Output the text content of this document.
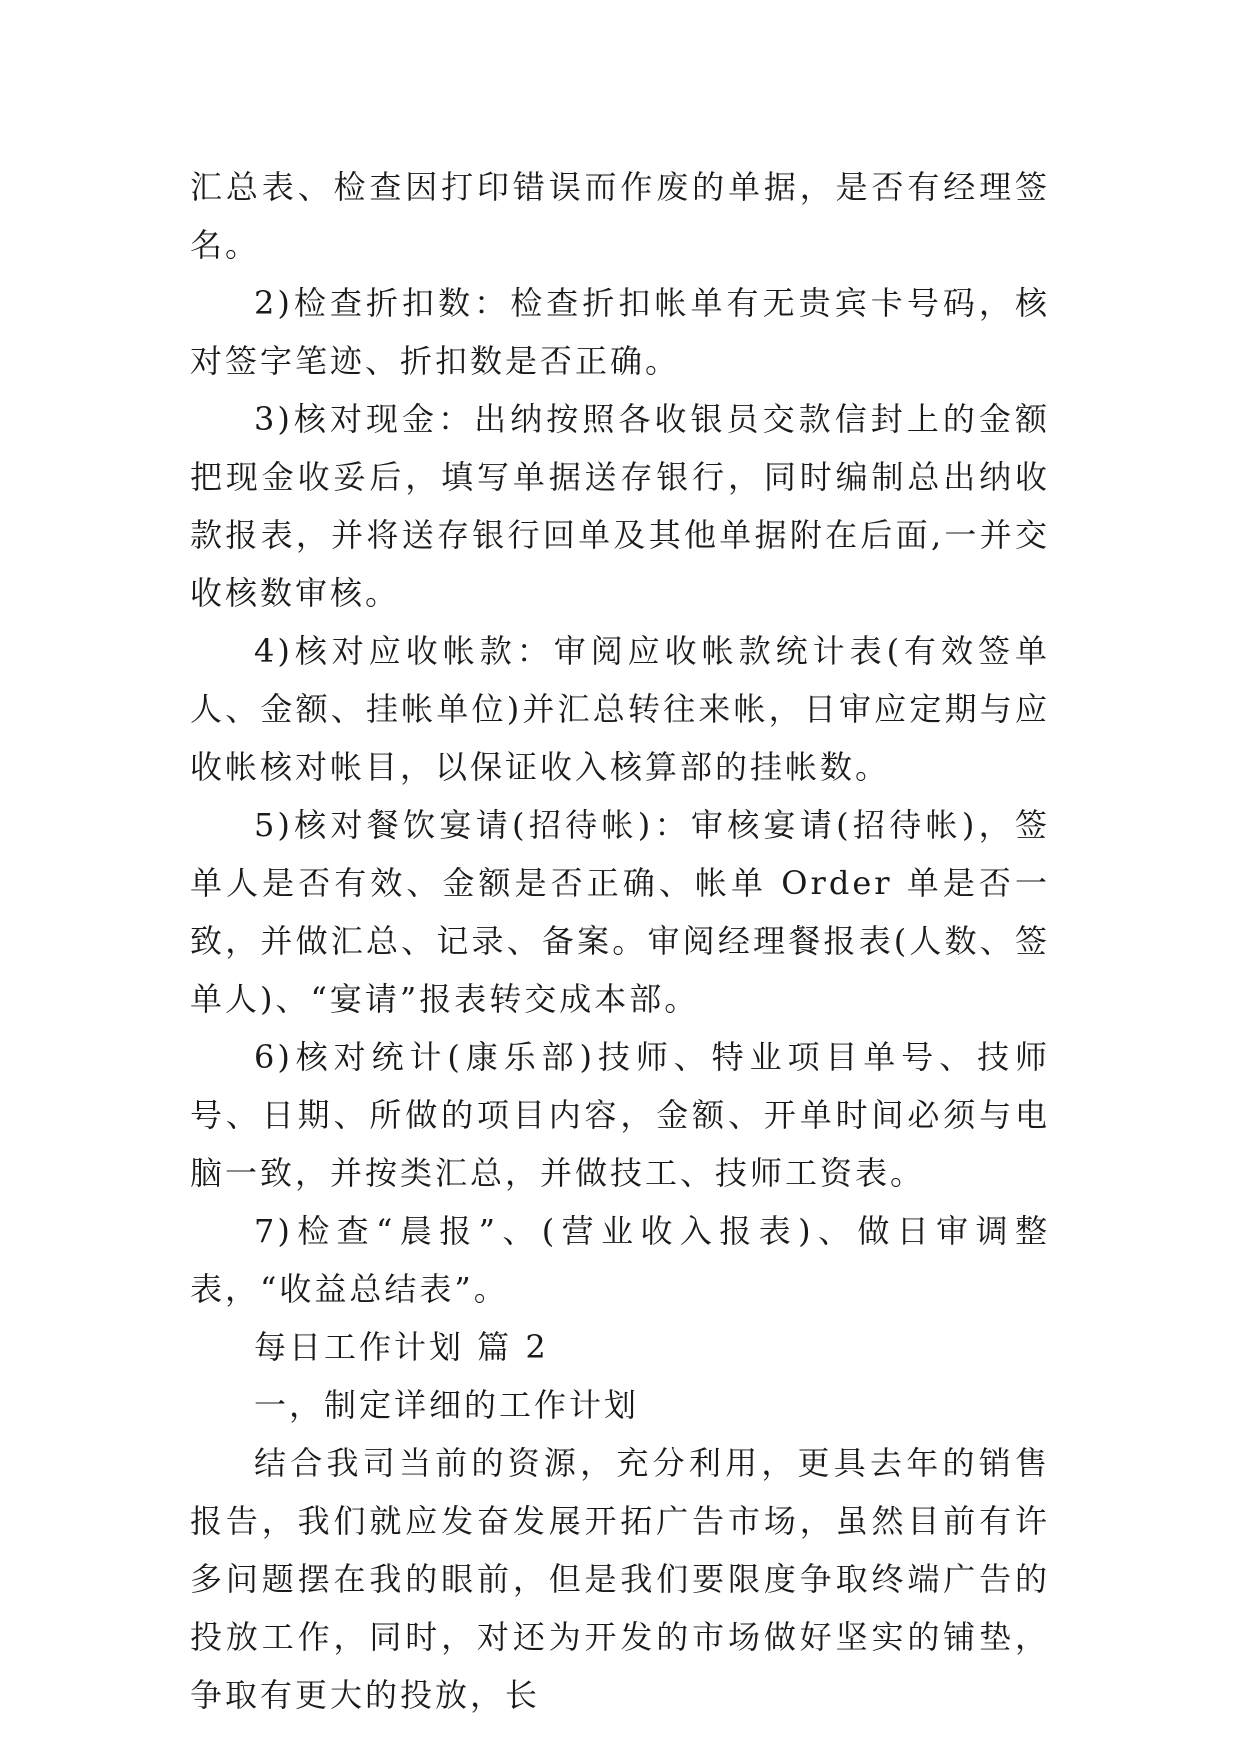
汇总表、检查因打印错误而作废的单据，是否有经理签名。

2)检查折扣数：检查折扣帐单有无贵宾卡号码，核对签字笔迹、折扣数是否正确。

3)核对现金：出纳按照各收银员交款信封上的金额把现金收妥后，填写单据送存银行，同时编制总出纳收款报表，并将送存银行回单及其他单据附在后面,一并交收核数审核。

4)核对应收帐款：审阅应收帐款统计表(有效签单人、金额、挂帐单位)并汇总转往来帐，日审应定期与应收帐核对帐目，以保证收入核算部的挂帐数。

5)核对餐饮宴请(招待帐)：审核宴请(招待帐)，签单人是否有效、金额是否正确、帐单 Order 单是否一致，并做汇总、记录、备案。审阅经理餐报表(人数、签单人)、“宴请”报表转交成本部。

6)核对统计(康乐部)技师、特业项目单号、技师号、日期、所做的项目内容，金额、开单时间必须与电脑一致，并按类汇总，并做技工、技师工资表。

7)检查“晨报”、(营业收入报表)、做日审调整表，“收益总结表”。

每日工作计划 篇 2

一，制定详细的工作计划

结合我司当前的资源，充分利用，更具去年的销售报告，我们就应发奋发展开拓广告市场，虽然目前有许多问题摆在我的眼前，但是我们要限度争取终端广告的投放工作，同时，对还为开发的市场做好坚实的铺垫，争取有更大的投放，长
